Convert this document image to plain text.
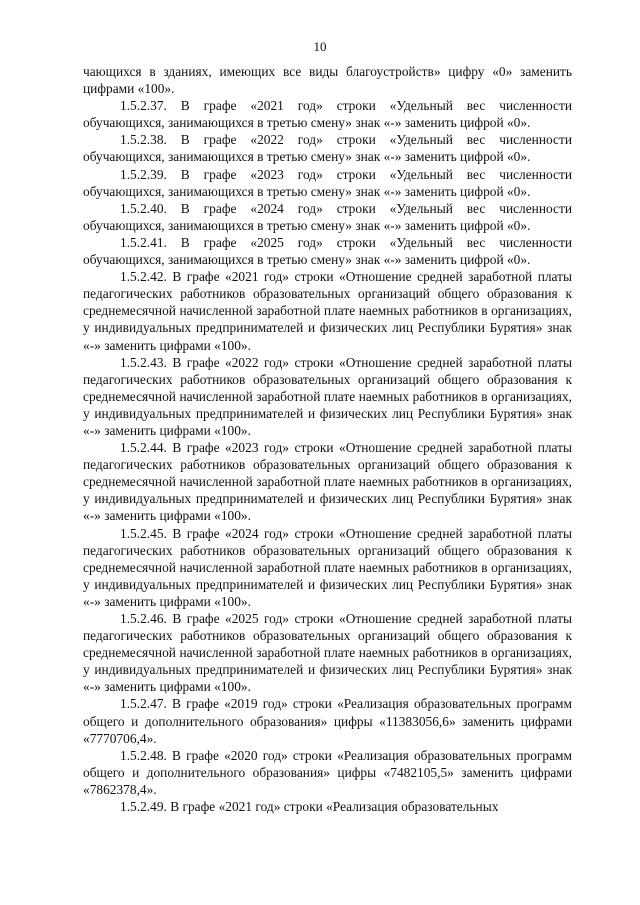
10

чающихся в зданиях, имеющих все виды благоустройств» цифру «0» заменить цифрами «100».

1.5.2.37. В графе «2021 год» строки «Удельный вес численности обучающихся, занимающихся в третью смену» знак «-» заменить цифрой «0».

1.5.2.38. В графе «2022 год» строки «Удельный вес численности обучающихся, занимающихся в третью смену» знак «-» заменить цифрой «0».

1.5.2.39. В графе «2023 год» строки «Удельный вес численности обучающихся, занимающихся в третью смену» знак «-» заменить цифрой «0».

1.5.2.40. В графе «2024 год» строки «Удельный вес численности обучающихся, занимающихся в третью смену» знак «-» заменить цифрой «0».

1.5.2.41. В графе «2025 год» строки «Удельный вес численности обучающихся, занимающихся в третью смену» знак «-» заменить цифрой «0».

1.5.2.42. В графе «2021 год» строки «Отношение средней заработной платы педагогических работников образовательных организаций общего образования к среднемесячной начисленной заработной плате наемных работников в организациях, у индивидуальных предпринимателей и физических лиц Республики Бурятия» знак «-» заменить цифрами «100».

1.5.2.43. В графе «2022 год» строки «Отношение средней заработной платы педагогических работников образовательных организаций общего образования к среднемесячной начисленной заработной плате наемных работников в организациях, у индивидуальных предпринимателей и физических лиц Республики Бурятия» знак «-» заменить цифрами «100».

1.5.2.44. В графе «2023 год» строки «Отношение средней заработной платы педагогических работников образовательных организаций общего образования к среднемесячной начисленной заработной плате наемных работников в организациях, у индивидуальных предпринимателей и физических лиц Республики Бурятия» знак «-» заменить цифрами «100».

1.5.2.45. В графе «2024 год» строки «Отношение средней заработной платы педагогических работников образовательных организаций общего образования к среднемесячной начисленной заработной плате наемных работников в организациях, у индивидуальных предпринимателей и физических лиц Республики Бурятия» знак «-» заменить цифрами «100».

1.5.2.46. В графе «2025 год» строки «Отношение средней заработной платы педагогических работников образовательных организаций общего образования к среднемесячной начисленной заработной плате наемных работников в организациях, у индивидуальных предпринимателей и физических лиц Республики Бурятия» знак «-» заменить цифрами «100».

1.5.2.47. В графе «2019 год» строки «Реализация образовательных программ общего и дополнительного образования» цифры «11383056,6» заменить цифрами «7770706,4».

1.5.2.48. В графе «2020 год» строки «Реализация образовательных программ общего и дополнительного образования» цифры «7482105,5» заменить цифрами «7862378,4».

1.5.2.49. В графе «2021 год» строки «Реализация образовательных
